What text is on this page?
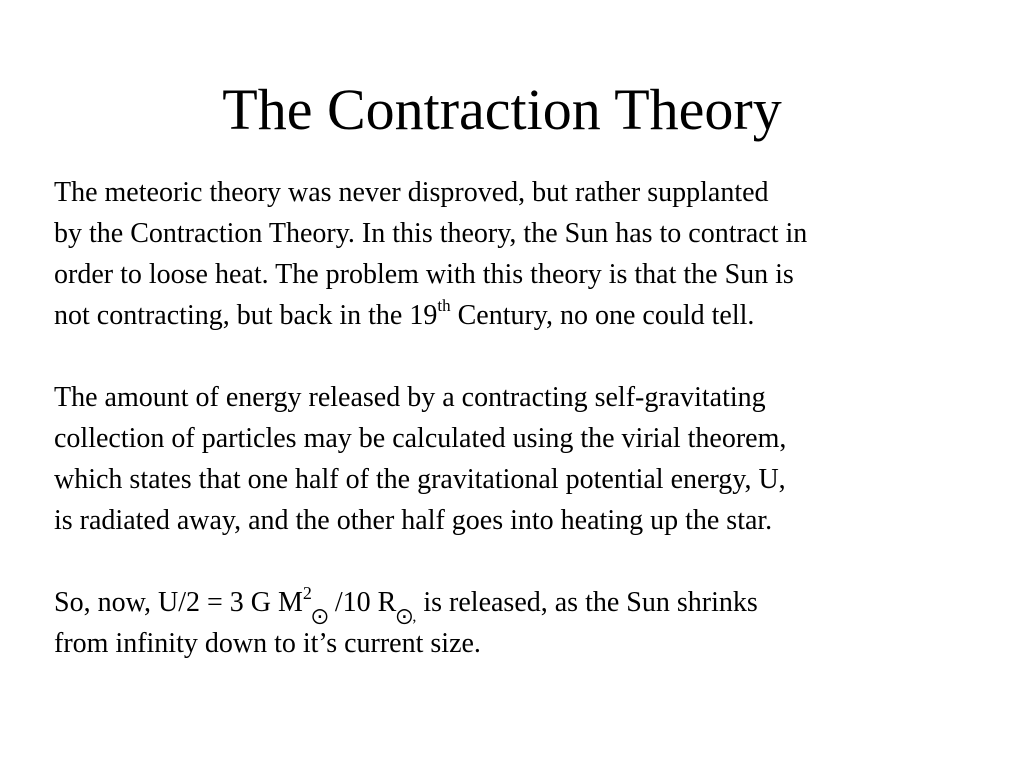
The Contraction Theory
The meteoric theory was never disproved, but rather supplanted
by the Contraction Theory. In this theory, the Sun has to contract in
order to loose heat. The problem with this theory is that the Sun is
not contracting, but back in the 19th Century, no one could tell.
The amount of energy released by a contracting self-gravitating
collection of particles may be calculated using the virial theorem,
which states that one half of the gravitational potential energy, U,
is radiated away, and the other half goes into heating up the star.
So, now, U/2 = 3 G $M^2⨀$ /10 R⨀, is released, as the Sun shrinks
from infinity down to it’s current size.
